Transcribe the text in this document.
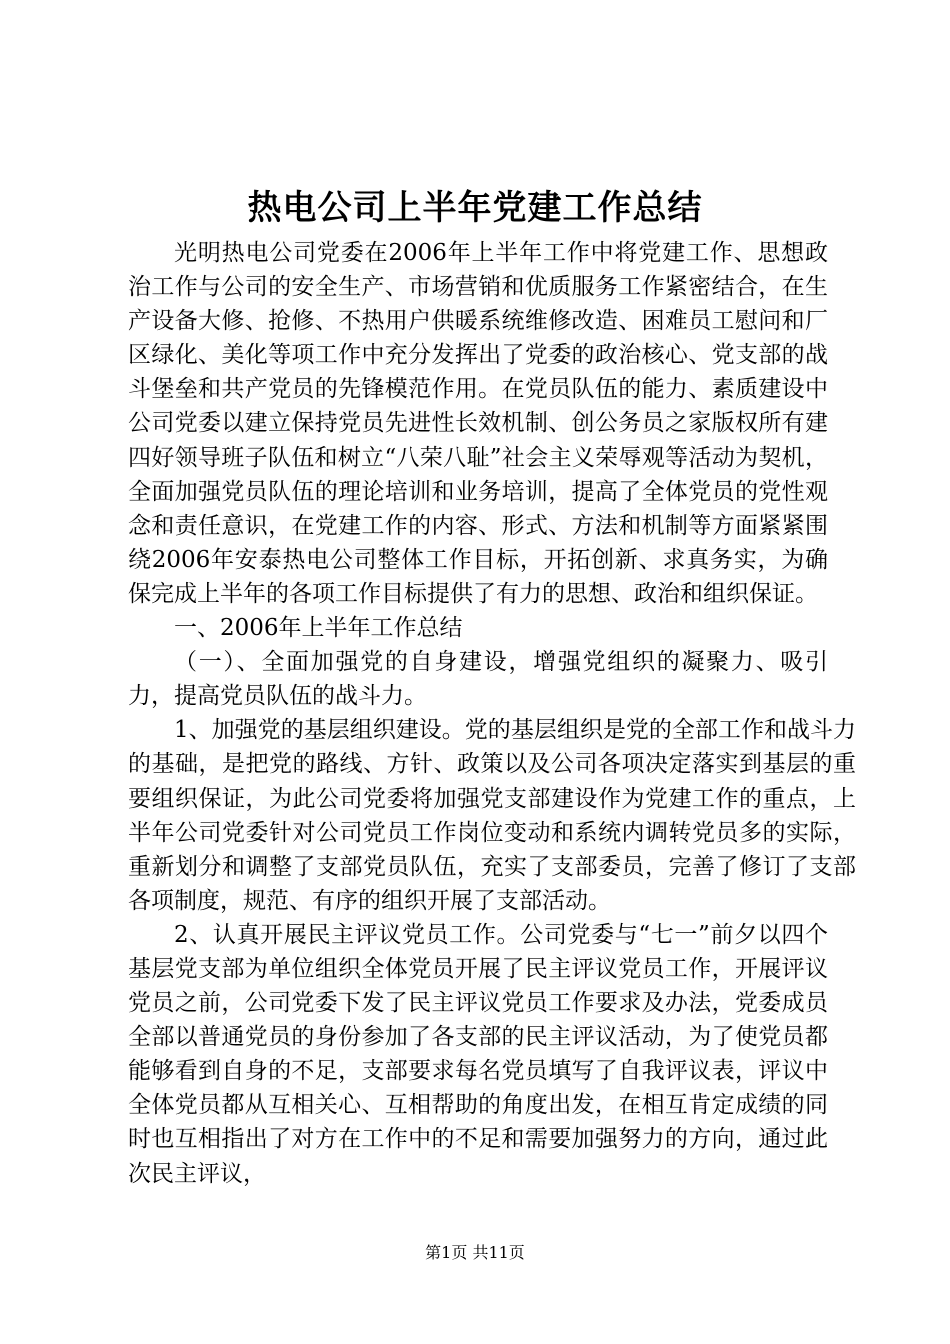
热电公司上半年党建工作总结

光明热电公司党委在2006年上半年工作中将党建工作、思想政治工作与公司的安全生产、市场营销和优质服务工作紧密结合，在生产设备大修、抢修、不热用户供暖系统维修改造、困难员工慰问和厂区绿化、美化等项工作中充分发挥出了党委的政治核心、党支部的战斗堡垒和共产党员的先锋模范作用。在党员队伍的能力、素质建设中公司党委以建立保持党员先进性长效机制、创公务员之家版权所有建四好领导班子队伍和树立“八荣八耻”社会主义荣辱观等活动为契机，全面加强党员队伍的理论培训和业务培训，提高了全体党员的党性观念和责任意识，在党建工作的内容、形式、方法和机制等方面紧紧围绕2006年安泰热电公司整体工作目标，开拓创新、求真务实，为确保完成上半年的各项工作目标提供了有力的思想、政治和组织保证。

一、2006年上半年工作总结

（一）、全面加强党的自身建设，增强党组织的凝聚力、吸引力，提高党员队伍的战斗力。

1、加强党的基层组织建设。党的基层组织是党的全部工作和战斗力的基础，是把党的路线、方针、政策以及公司各项决定落实到基层的重要组织保证，为此公司党委将加强党支部建设作为党建工作的重点，上半年公司党委针对公司党员工作岗位变动和系统内调转党员多的实际，重新划分和调整了支部党员队伍，充实了支部委员，完善了修订了支部各项制度，规范、有序的组织开展了支部活动。

2、认真开展民主评议党员工作。公司党委与“七一”前夕以四个基层党支部为单位组织全体党员开展了民主评议党员工作，开展评议党员之前，公司党委下发了民主评议党员工作要求及办法，党委成员全部以普通党员的身份参加了各支部的民主评议活动，为了使党员都能够看到自身的不足，支部要求每名党员填写了自我评议表，评议中全体党员都从互相关心、互相帮助的角度出发，在相互肯定成绩的同时也互相指出了对方在工作中的不足和需要加强努力的方向，通过此次民主评议，

第1页 共11页
